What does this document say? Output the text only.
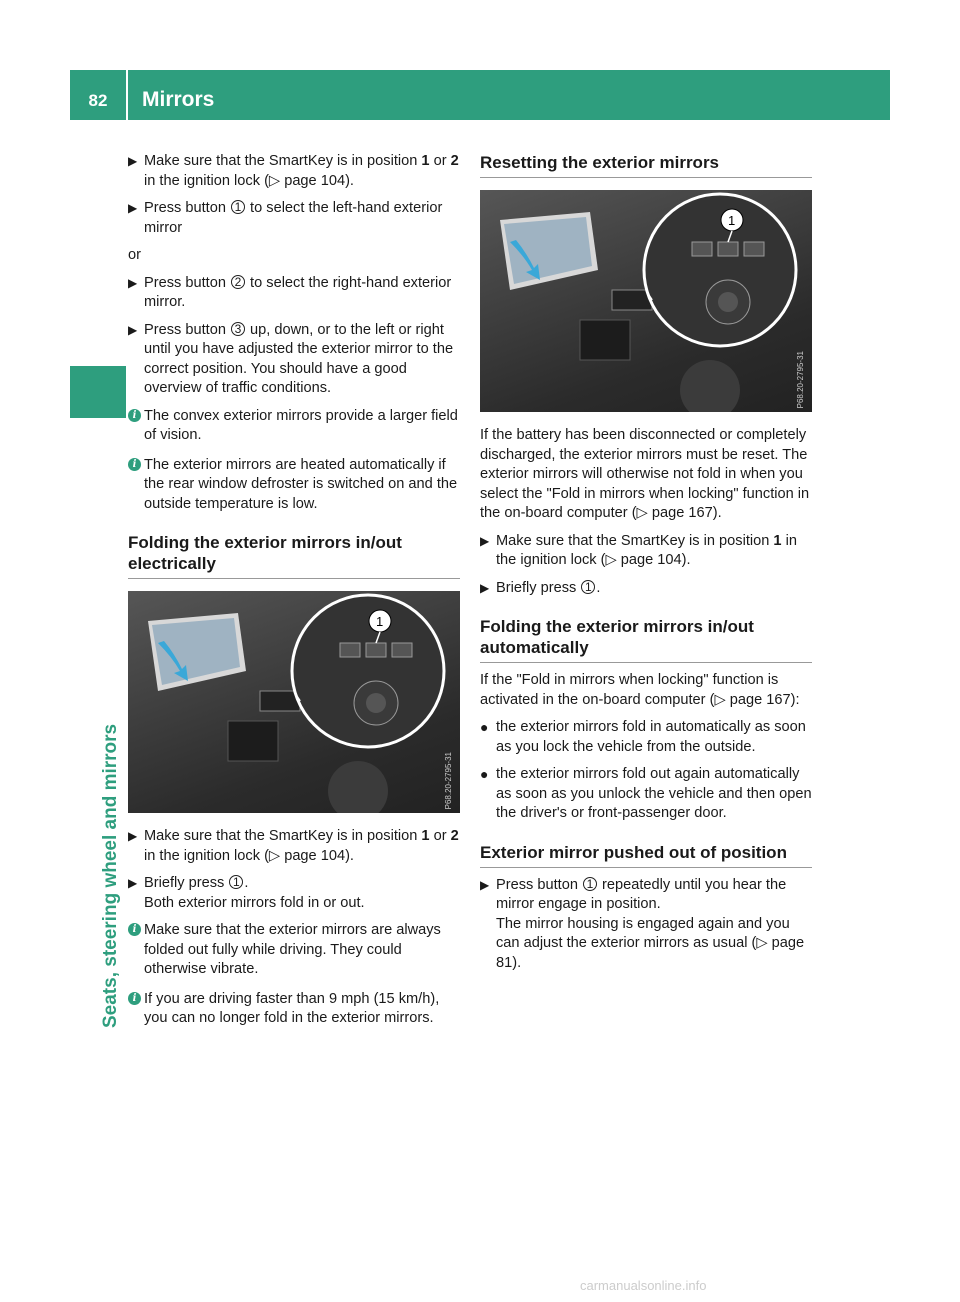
82	Mirrors
Seats, steering wheel and mirrors
▶ Make sure that the SmartKey is in position 1 or 2 in the ignition lock (▷ page 104).
▶ Press button 1 to select the left-hand exterior mirror
or
▶ Press button 2 to select the right-hand exterior mirror.
▶ Press button 3 up, down, or to the left or right until you have adjusted the exterior mirror to the correct position. You should have a good overview of traffic conditions.
i The convex exterior mirrors provide a larger field of vision.
i The exterior mirrors are heated automatically if the rear window defroster is switched on and the outside temperature is low.
Folding the exterior mirrors in/out electrically
1
P68.20-2795-31
▶ Make sure that the SmartKey is in position 1 or 2 in the ignition lock (▷ page 104).
▶ Briefly press 1 .
Both exterior mirrors fold in or out.
i Make sure that the exterior mirrors are always folded out fully while driving. They could otherwise vibrate.
i If you are driving faster than 9 mph (15 km/h), you can no longer fold in the exterior mirrors.
Resetting the exterior mirrors
1
P68.20-2795-31
If the battery has been disconnected or completely discharged, the exterior mirrors must be reset. The exterior mirrors will otherwise not fold in when you select the "Fold in mirrors when locking" function in the on-board computer (▷ page 167).
▶ Make sure that the SmartKey is in position 1 in the ignition lock (▷ page 104).
▶ Briefly press 1 .
Folding the exterior mirrors in/out automatically
If the "Fold in mirrors when locking" function is activated in the on-board computer (▷ page 167):
● the exterior mirrors fold in automatically as soon as you lock the vehicle from the outside.
● the exterior mirrors fold out again automatically as soon as you unlock the vehicle and then open the driver's or front-passenger door.
Exterior mirror pushed out of position
▶ Press button 1 repeatedly until you hear the mirror engage in position.
The mirror housing is engaged again and you can adjust the exterior mirrors as usual (▷ page 81).
carmanualsonline.info
